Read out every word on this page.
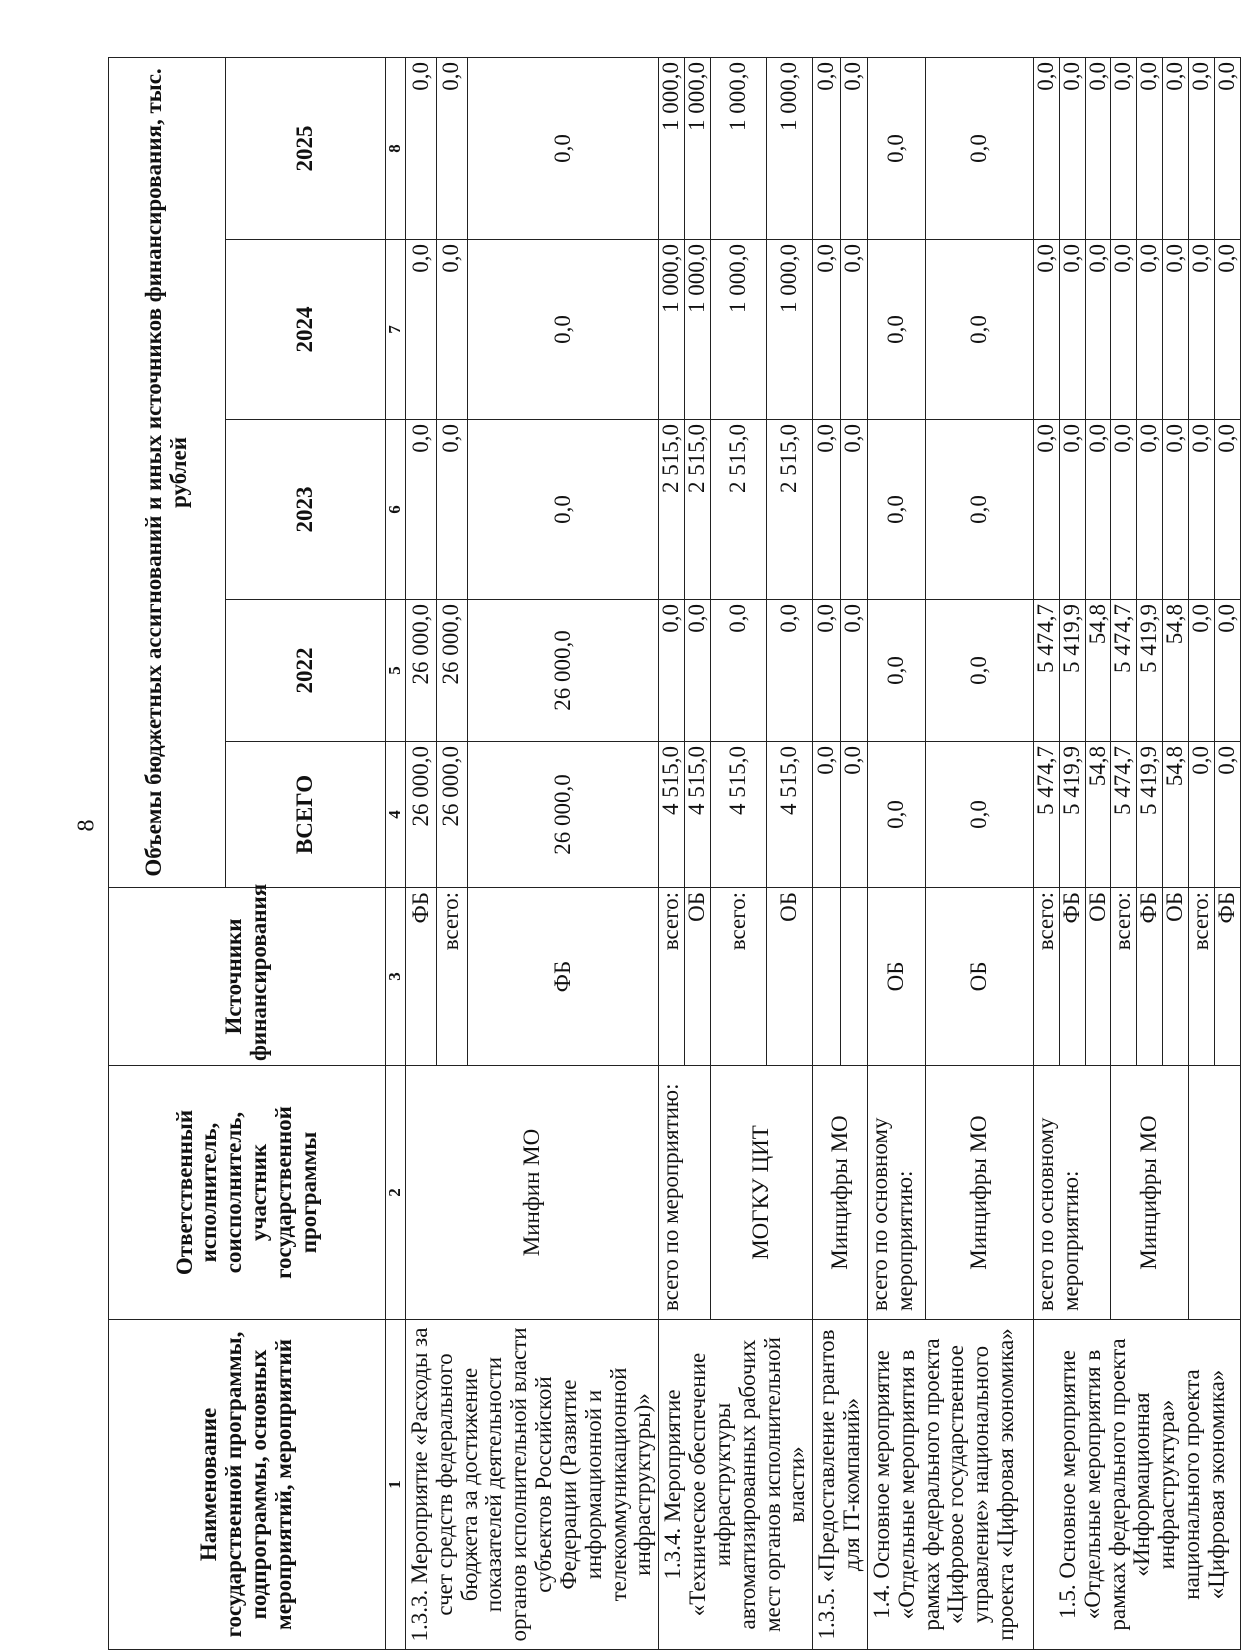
8
Наименование государственной программы, подпрограммы, основных мероприятий, мероприятий	Ответственный исполнитель, соисполнитель, участник государственной программы	Источники финансирования	Объемы бюджетных ассигнований и иных источников финансирования, тыс. рублей				
			ВСЕГО	2022	2023	2024	2025
1	2	3	4	5	6	7	8
1.3.3. Мероприятие «Расходы за счет средств федерального бюджета за достижение показателей деятельности органов исполнительной власти субъектов Российской Федерации (Развитие информационной и телекоммуникационной инфраструктуры)»	Минфин МО	ФБ	26 000,0	26 000,0	0,0	0,0	0,0
		всего:	26 000,0	26 000,0	0,0	0,0	0,0
		ФБ	26 000,0	26 000,0	0,0	0,0	0,0
1.3.4. Мероприятие «Техническое обеспечение инфраструктуры автоматизированных рабочих мест органов исполнительной власти»	всего по мероприятию:	всего:	4 515,0	0,0	2 515,0	1 000,0	1 000,0
		ОБ	4 515,0	0,0	2 515,0	1 000,0	1 000,0
	МОГКУ ЦИТ	всего:	4 515,0	0,0	2 515,0	1 000,0	1 000,0
		ОБ	4 515,0	0,0	2 515,0	1 000,0	1 000,0
1.3.5. «Предоставление грантов для IT-компаний»	Минцифры МО		0,0	0,0	0,0	0,0	0,0
			0,0	0,0	0,0	0,0	0,0
1.4. Основное мероприятие «Отдельные мероприятия в рамках федерального проекта «Цифровое государственное управление» национального проекта «Цифровая экономика»	всего по основному мероприятию:	ОБ	0,0	0,0	0,0	0,0	0,0
	Минцифры МО	ОБ	0,0	0,0	0,0	0,0	0,0
1.5. Основное мероприятие «Отдельные мероприятия в рамках федерального проекта «Информационная инфраструктура» национального проекта «Цифровая экономика»	всего по основному мероприятию:	всего:	5 474,7	5 474,7	0,0	0,0	0,0
		ФБ	5 419,9	5 419,9	0,0	0,0	0,0
		ОБ	54,8	54,8	0,0	0,0	0,0
	Минцифры МО	всего:	5 474,7	5 474,7	0,0	0,0	0,0
		ФБ	5 419,9	5 419,9	0,0	0,0	0,0
		ОБ	54,8	54,8	0,0	0,0	0,0
		всего:	0,0	0,0	0,0	0,0	0,0
		ФБ	0,0	0,0	0,0	0,0	0,0
